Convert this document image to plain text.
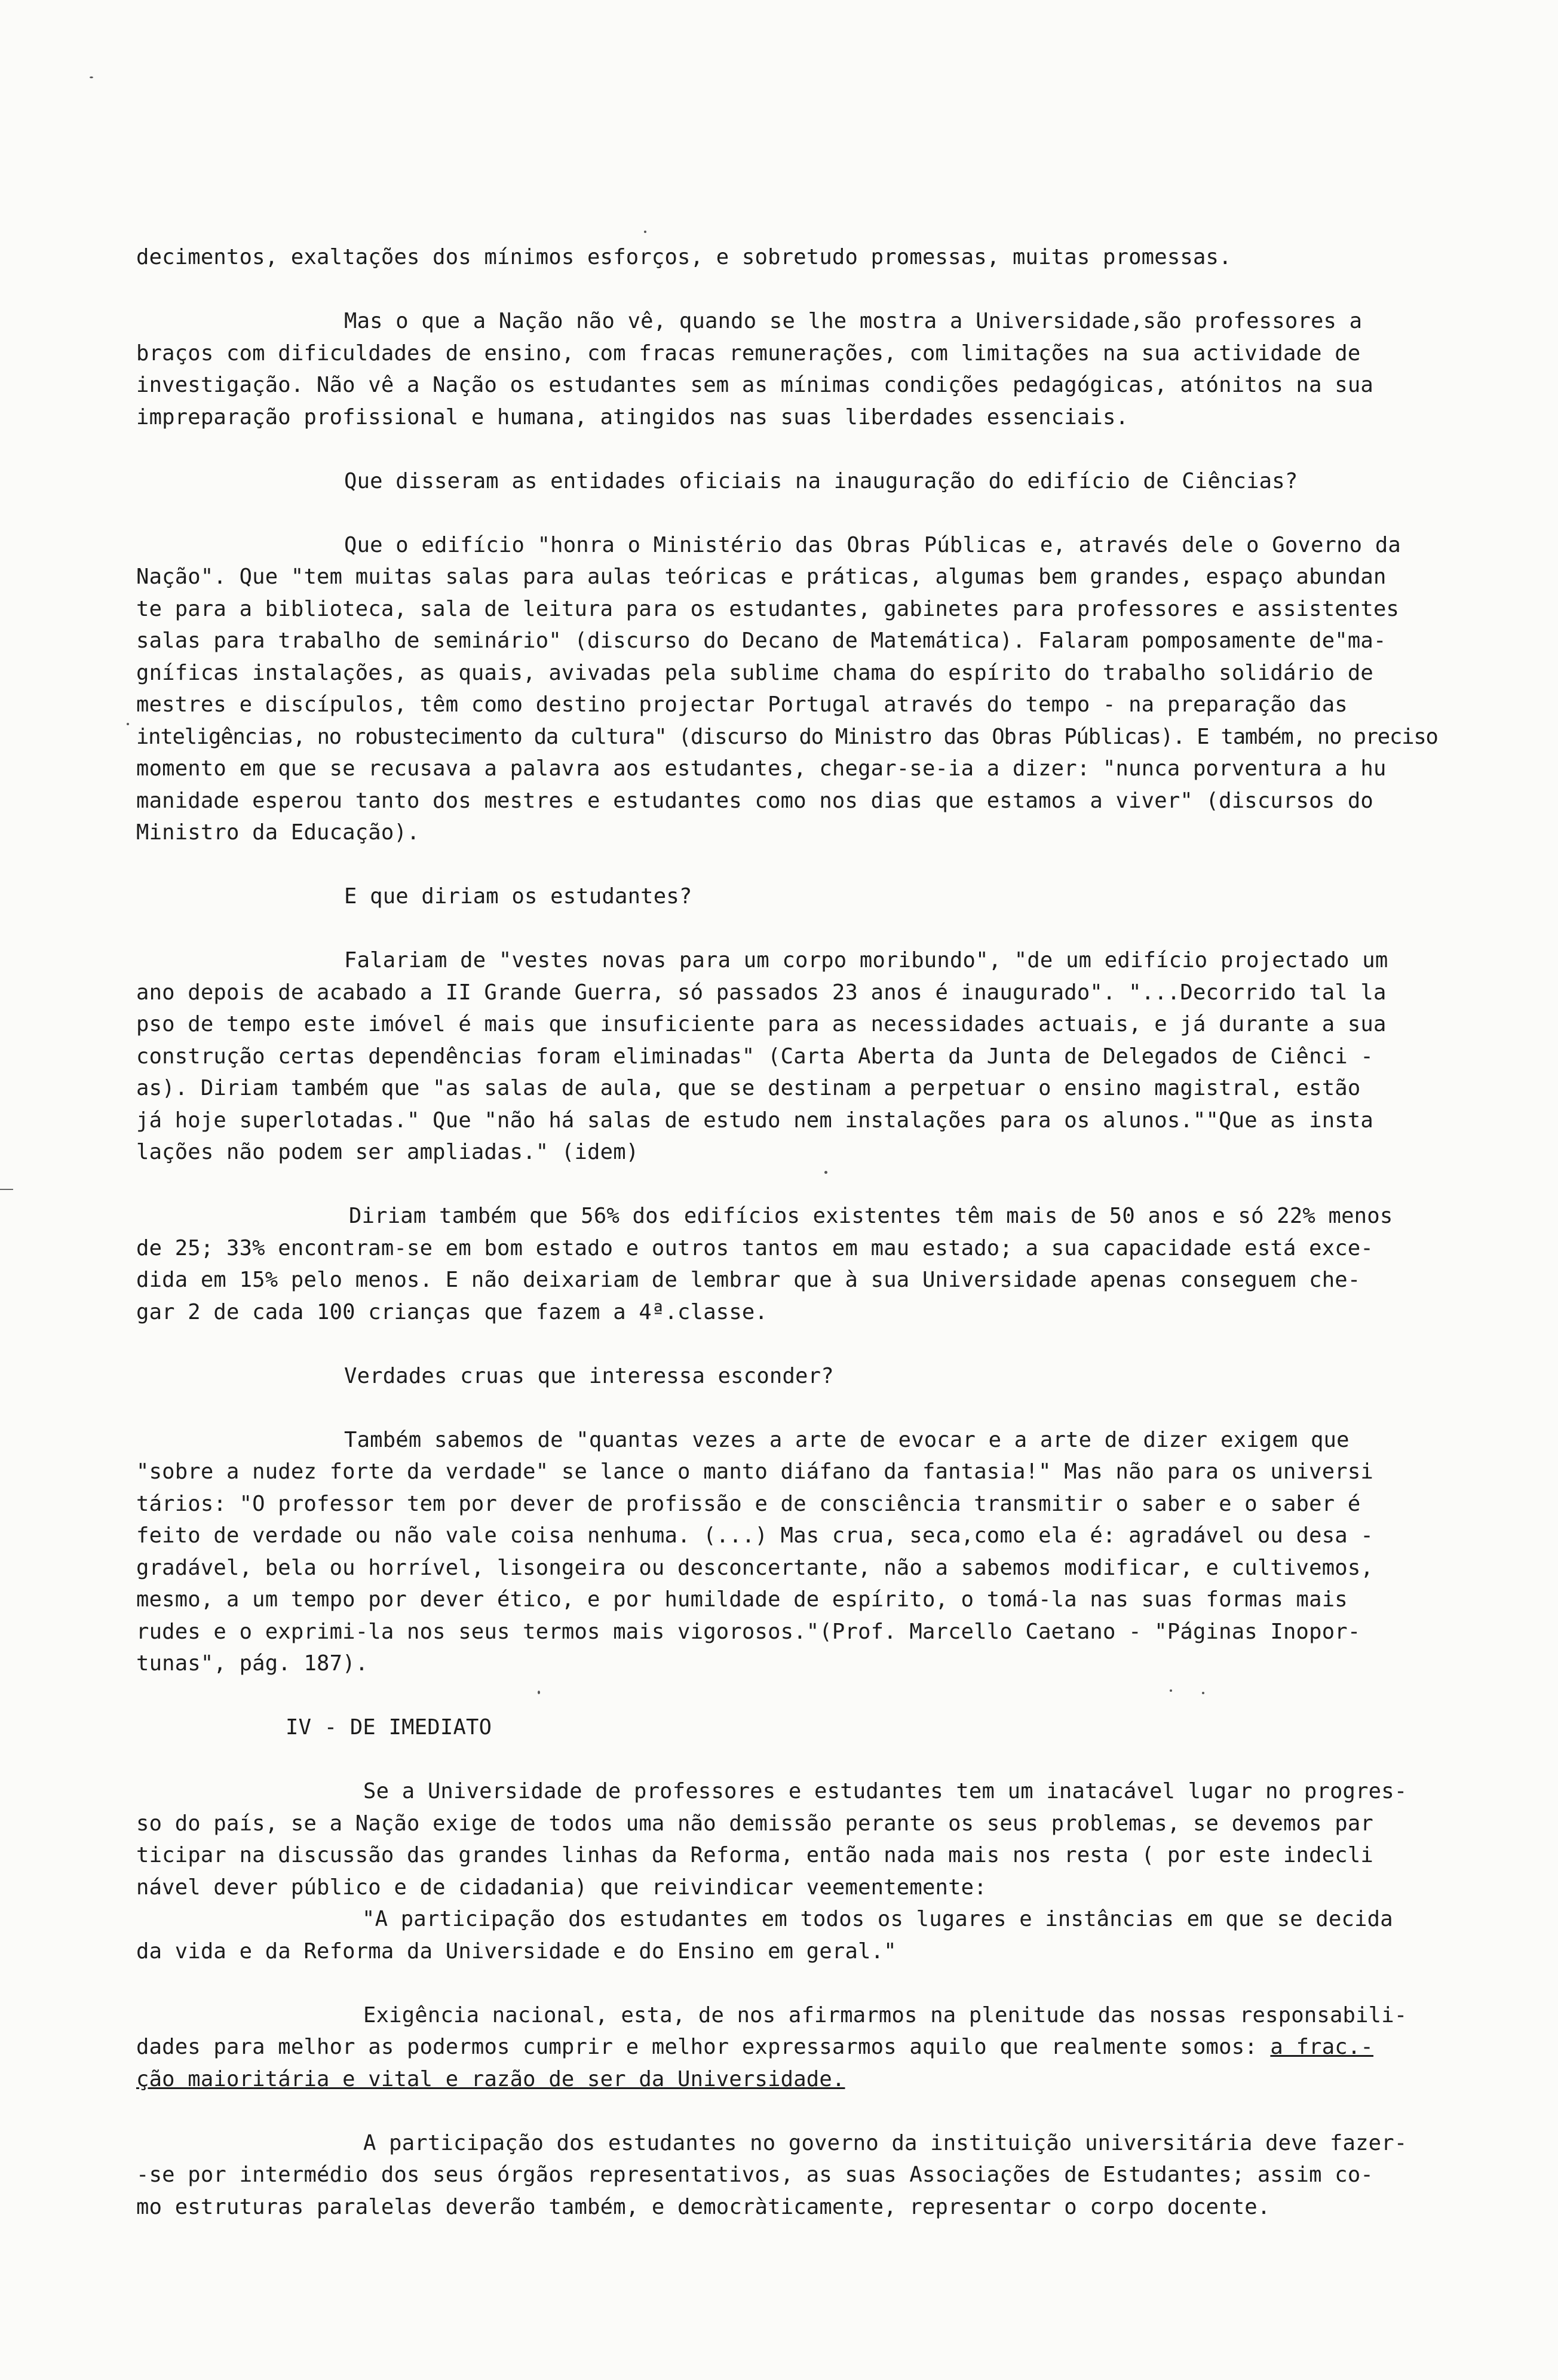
decimentos, exaltações dos mínimos esforços, e sobretudo promessas, muitas promessas.
Mas o que a Nação não vê, quando se lhe mostra a Universidade,são professores a
braços com dificuldades de ensino, com fracas remunerações, com limitações na sua actividade de
investigação. Não vê a Nação os estudantes sem as mínimas condições pedagógicas, atónitos na sua
impreparação profissional e humana, atingidos nas suas liberdades essenciais.
Que disseram as entidades oficiais na inauguração do edifício de Ciências?
Que o edifício "honra o Ministério das Obras Públicas e, através dele o Governo da
Nação". Que "tem muitas salas para aulas teóricas e práticas, algumas bem grandes, espaço abundan
te para a biblioteca, sala de leitura para os estudantes, gabinetes para professores e assistentes
salas para trabalho de seminário" (discurso do Decano de Matemática). Falaram pomposamente de"ma-
gníficas instalações, as quais, avivadas pela sublime chama do espírito do trabalho solidário de
mestres e discípulos, têm como destino projectar Portugal através do tempo - na preparação das
inteligências, no robustecimento da cultura" (discurso do Ministro das Obras Públicas). E também, no preciso
momento em que se recusava a palavra aos estudantes, chegar-se-ia a dizer: "nunca porventura a hu
manidade esperou tanto dos mestres e estudantes como nos dias que estamos a viver" (discursos do
Ministro da Educação).
E que diriam os estudantes?
Falariam de "vestes novas para um corpo moribundo", "de um edifício projectado um
ano depois de acabado a II Grande Guerra, só passados 23 anos é inaugurado". "...Decorrido tal la
pso de tempo este imóvel é mais que insuficiente para as necessidades actuais, e já durante a sua
construção certas dependências foram eliminadas" (Carta Aberta da Junta de Delegados de Ciênci -
as). Diriam também que "as salas de aula, que se destinam a perpetuar o ensino magistral, estão
já hoje superlotadas." Que "não há salas de estudo nem instalações para os alunos.""Que as insta
lações não podem ser ampliadas." (idem)
Diriam também que 56% dos edifícios existentes têm mais de 50 anos e só 22% menos
de 25; 33% encontram-se em bom estado e outros tantos em mau estado; a sua capacidade está exce-
dida em 15% pelo menos. E não deixariam de lembrar que à sua Universidade apenas conseguem che-
gar 2 de cada 100 crianças que fazem a 4ª.classe.
Verdades cruas que interessa esconder?
Também sabemos de "quantas vezes a arte de evocar e a arte de dizer exigem que
"sobre a nudez forte da verdade" se lance o manto diáfano da fantasia!" Mas não para os universi
tários: "O professor tem por dever de profissão e de consciência transmitir o saber e o saber é
feito de verdade ou não vale coisa nenhuma. (...) Mas crua, seca,como ela é: agradável ou desa -
gradável, bela ou horrível, lisongeira ou desconcertante, não a sabemos modificar, e cultivemos,
mesmo, a um tempo por dever ético, e por humildade de espírito, o tomá-la nas suas formas mais
rudes e o exprimi-la nos seus termos mais vigorosos."(Prof. Marcello Caetano - "Páginas Inopor-
tunas", pág. 187).
IV - DE IMEDIATO
Se a Universidade de professores e estudantes tem um inatacável lugar no progres-
so do país, se a Nação exige de todos uma não demissão perante os seus problemas, se devemos par
ticipar na discussão das grandes linhas da Reforma, então nada mais nos resta ( por este indecli
nável dever público e de cidadania) que reivindicar veementemente:
"A participação dos estudantes em todos os lugares e instâncias em que se decida
da vida e da Reforma da Universidade e do Ensino em geral."
Exigência nacional, esta, de nos afirmarmos na plenitude das nossas responsabili-
dades para melhor as podermos cumprir e melhor expressarmos aquilo que realmente somos: a frac.-
ção maioritária e vital e razão de ser da Universidade.
A participação dos estudantes no governo da instituição universitária deve fazer-
-se por intermédio dos seus órgãos representativos, as suas Associações de Estudantes; assim co-
mo estruturas paralelas deverão também, e democràticamente, representar o corpo docente.
